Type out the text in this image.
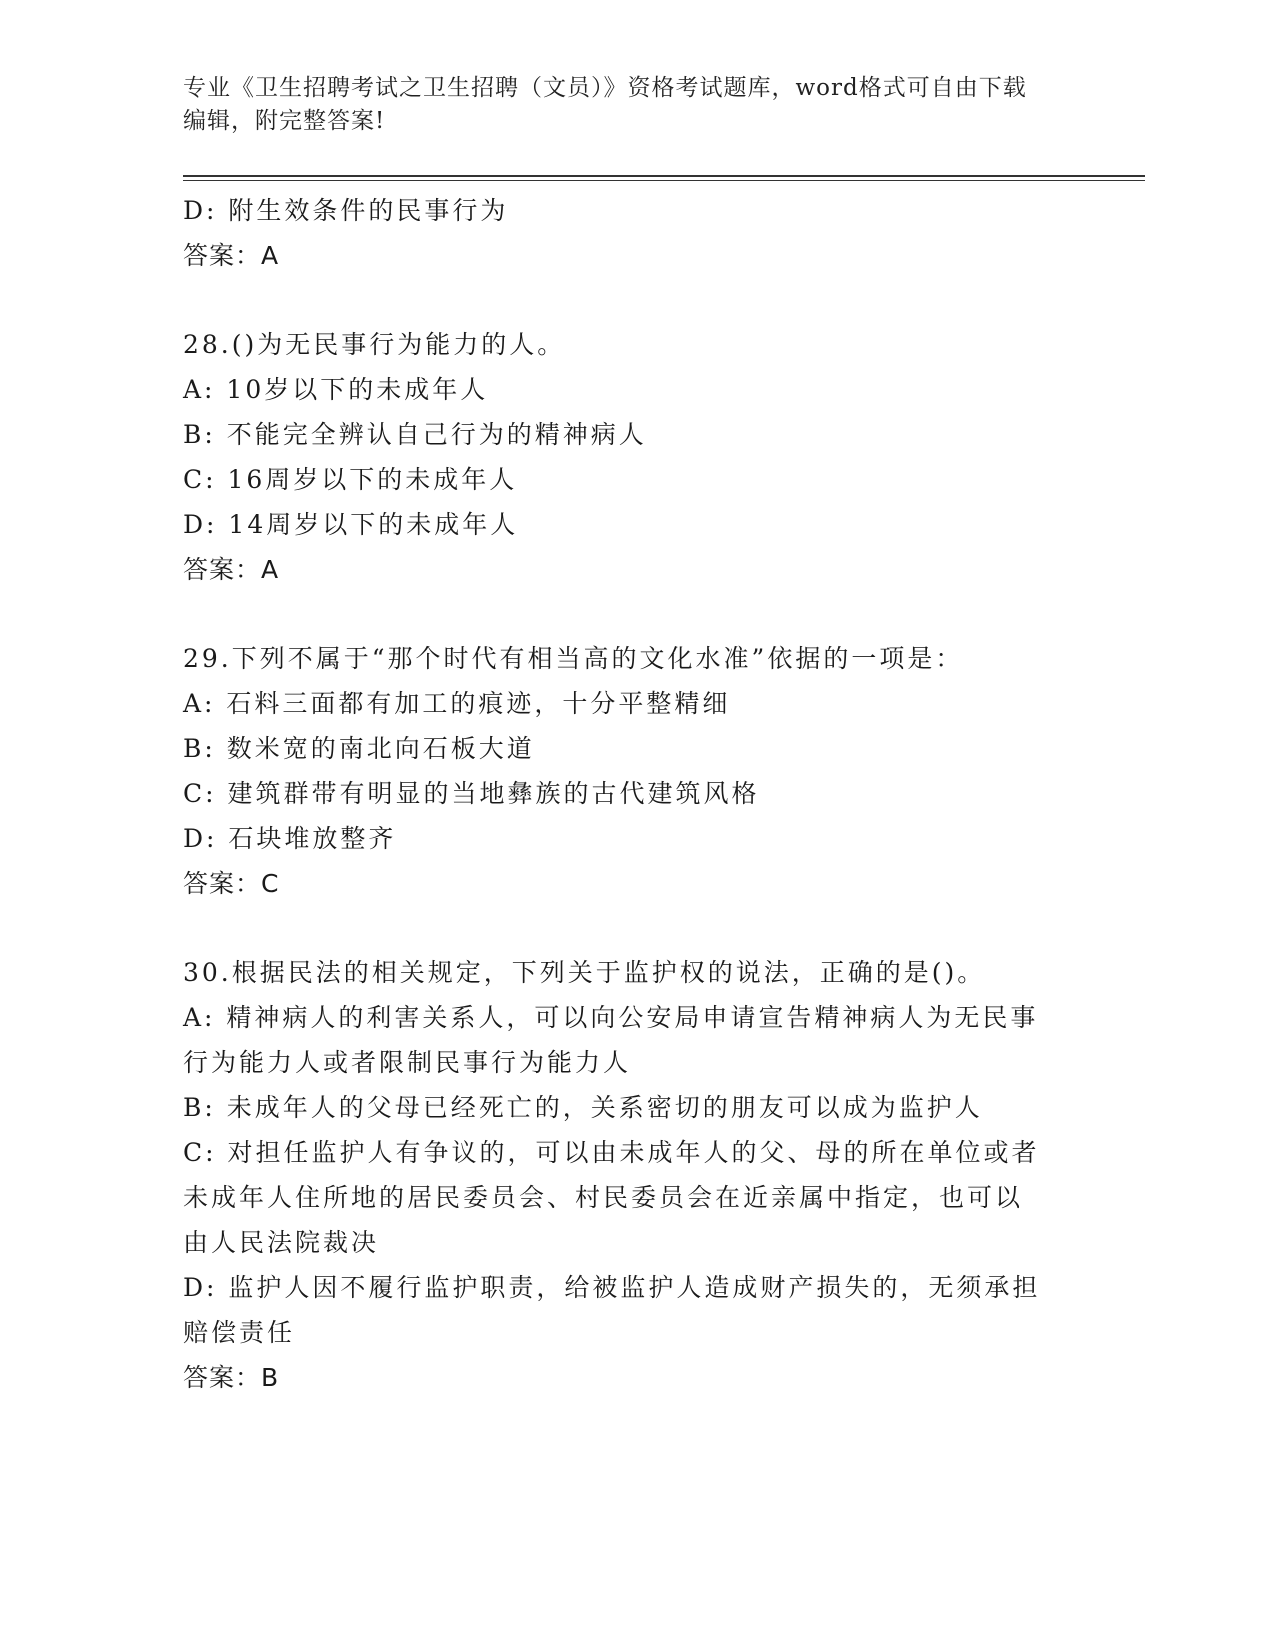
专业《卫生招聘考试之卫生招聘（文员）》资格考试题库，word格式可自由下载
编辑，附完整答案!
D: 附生效条件的民事行为
答案：A
28.()为无民事行为能力的人。
A: 10岁以下的未成年人
B: 不能完全辨认自己行为的精神病人
C: 16周岁以下的未成年人
D: 14周岁以下的未成年人
答案：A
29.下列不属于“那个时代有相当高的文化水准”依据的一项是：
A: 石料三面都有加工的痕迹，十分平整精细
B: 数米宽的南北向石板大道
C: 建筑群带有明显的当地彝族的古代建筑风格
D: 石块堆放整齐
答案：C
30.根据民法的相关规定，下列关于监护权的说法，正确的是()。
A: 精神病人的利害关系人，可以向公安局申请宣告精神病人为无民事
行为能力人或者限制民事行为能力人
B: 未成年人的父母已经死亡的，关系密切的朋友可以成为监护人
C: 对担任监护人有争议的，可以由未成年人的父、母的所在单位或者
未成年人住所地的居民委员会、村民委员会在近亲属中指定，也可以
由人民法院裁决
D: 监护人因不履行监护职责，给被监护人造成财产损失的，无须承担
赔偿责任
答案：B
